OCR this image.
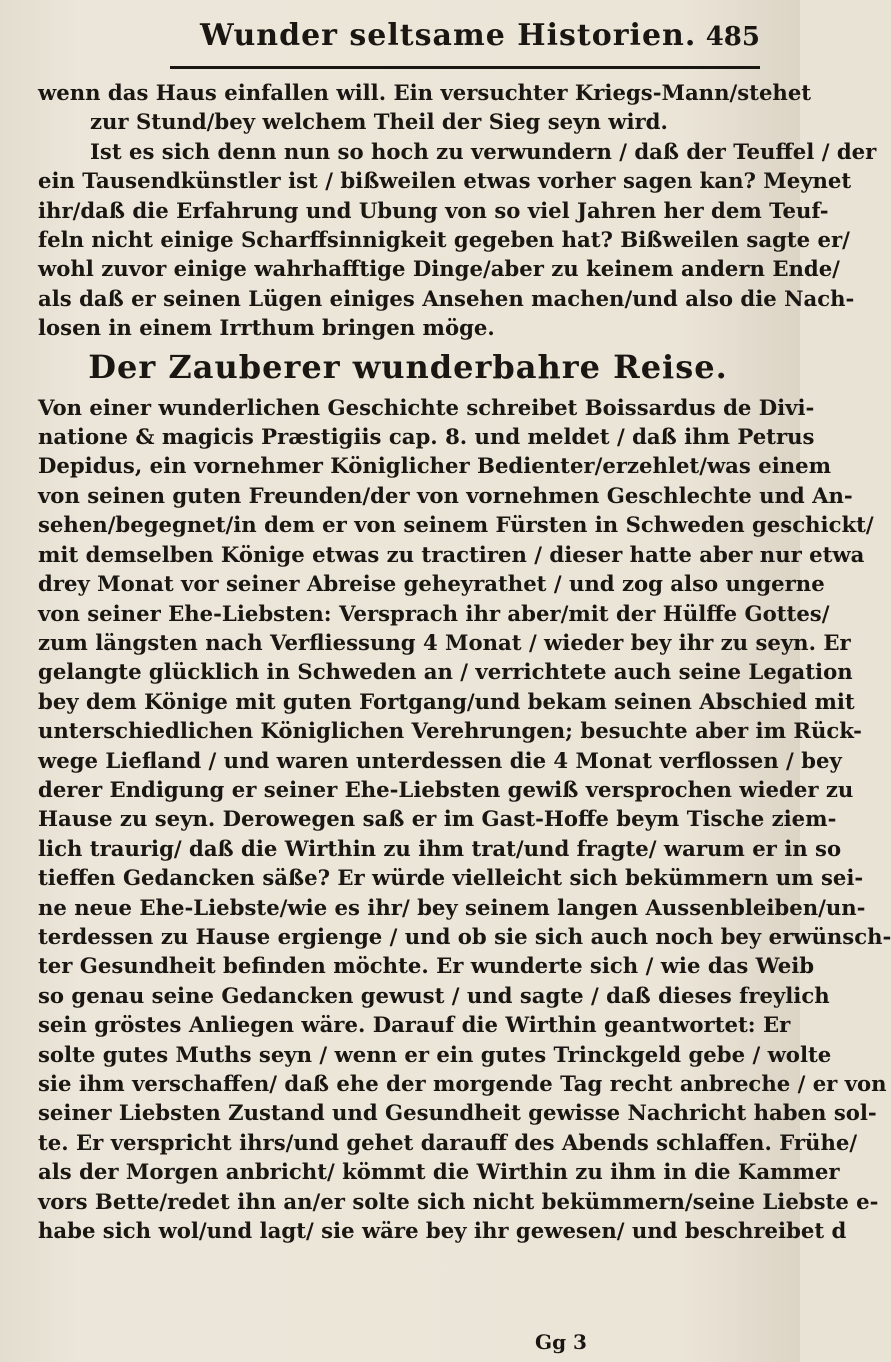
Wunder seltsame Historien. 485
wenn das Haus einfallen will. Ein versuchter Kriegs-Mann/stehet
zur Stund/bey welchem Theil der Sieg seyn wird.
Ist es sich denn nun so hoch zu verwundern / daß der Teuffel / der
ein Tausendkünstler ist / bißweilen etwas vorher sagen kan? Meynet
ihr/daß die Erfahrung und Ubung von so viel Jahren her dem Teuf-
feln nicht einige Scharffsinnigkeit gegeben hat? Bißweilen sagte er/
wohl zuvor einige wahrhafftige Dinge/aber zu keinem andern Ende/
als daß er seinen Lügen einiges Ansehen machen/und also die Nach-
losen in einem Irrthum bringen möge.
Der Zauberer wunderbahre Reise.
Von einer wunderlichen Geschichte schreibet Boissardus de Divi-
natione & magicis Præstigiis cap. 8. und meldet / daß ihm Petrus
Depidus, ein vornehmer Königlicher Bedienter/erzehlet/was einem
von seinen guten Freunden/der von vornehmen Geschlechte und An-
sehen/begegnet/in dem er von seinem Fürsten in Schweden geschickt/
mit demselben Könige etwas zu tractiren / dieser hatte aber nur etwa
drey Monat vor seiner Abreise geheyrathet / und zog also ungerne
von seiner Ehe-Liebsten: Versprach ihr aber/mit der Hülffe Gottes/
zum längsten nach Verfliessung 4 Monat / wieder bey ihr zu seyn. Er
gelangte glücklich in Schweden an / verrichtete auch seine Legation
bey dem Könige mit guten Fortgang/und bekam seinen Abschied mit
unterschiedlichen Königlichen Verehrungen; besuchte aber im Rück-
wege Liefland / und waren unterdessen die 4 Monat verflossen / bey
derer Endigung er seiner Ehe-Liebsten gewiß versprochen wieder zu
Hause zu seyn. Derowegen saß er im Gast-Hoffe beym Tische ziem-
lich traurig/ daß die Wirthin zu ihm trat/und fragte/ warum er in so
tieffen Gedancken säße? Er würde vielleicht sich bekümmern um sei-
ne neue Ehe-Liebste/wie es ihr/ bey seinem langen Aussenbleiben/un-
terdessen zu Hause ergienge / und ob sie sich auch noch bey erwünsch-
ter Gesundheit befinden möchte. Er wunderte sich / wie das Weib
so genau seine Gedancken gewust / und sagte / daß dieses freylich
sein gröstes Anliegen wäre. Darauf die Wirthin geantwortet: Er
solte gutes Muths seyn / wenn er ein gutes Trinckgeld gebe / wolte
sie ihm verschaffen/ daß ehe der morgende Tag recht anbreche / er von
seiner Liebsten Zustand und Gesundheit gewisse Nachricht haben sol-
te. Er verspricht ihrs/und gehet darauff des Abends schlaffen. Frühe/
als der Morgen anbricht/ kömmt die Wirthin zu ihm in die Kammer
vors Bette/redet ihn an/er solte sich nicht bekümmern/seine Liebste e-
habe sich wol/und lagt/ sie wäre bey ihr gewesen/ und beschreibet d
Gg 3
